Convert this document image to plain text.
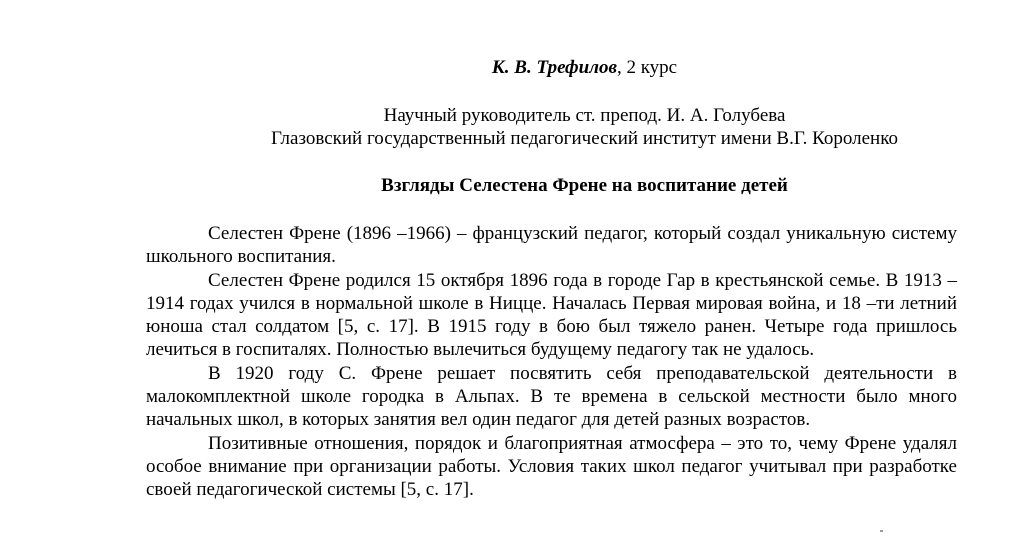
К. В. Трефилов, 2 курс

Научный руководитель ст. препод. И. А. Голубева
Глазовский государственный педагогический институт имени В.Г. Короленко

Взгляды Селестена Френе на воспитание детей

Селестен Френе (1896 –1966) – французский педагог, который создал уникальную систему школьного воспитания.

Селестен Френе родился 15 октября 1896 года в городе Гар в крестьянской семье. В 1913 –1914 годах учился в нормальной школе в Ницце. Началась Первая мировая война, и 18 –ти летний юноша стал солдатом [5, с. 17]. В 1915 году в бою был тяжело ранен. Четыре года пришлось лечиться в госпиталях. Полностью вылечиться будущему педагогу так не удалось.

В 1920 году С. Френе решает посвятить себя преподавательской деятельности в малокомплектной школе городка в Альпах. В те времена в сельской местности было много начальных школ, в которых занятия вел один педагог для детей разных возрастов.

Позитивные отношения, порядок и благоприятная атмосфера – это то, чему Френе удалял особое внимание при организации работы. Условия таких школ педагог учитывал при разработке своей педагогической системы [5, с. 17].
